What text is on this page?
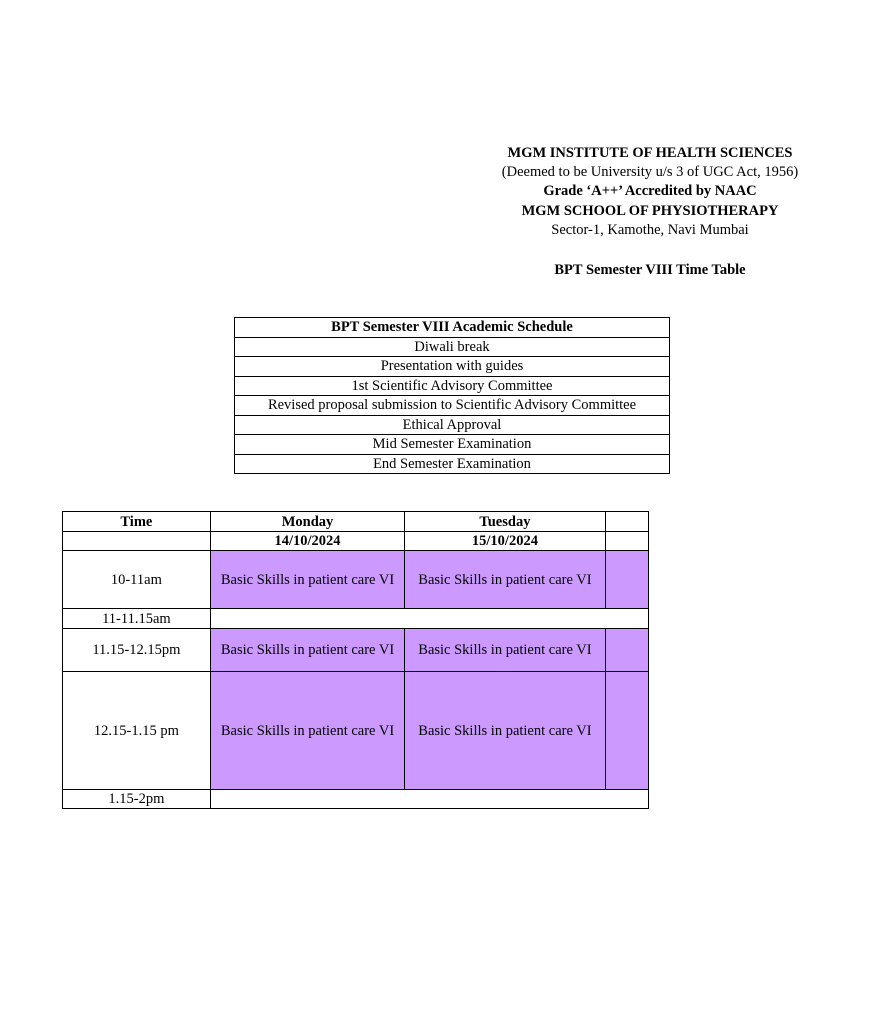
MGM INSTITUTE OF HEALTH SCIENCES
(Deemed to be University u/s 3 of UGC Act, 1956)
Grade ‘A++’ Accredited by NAAC
MGM SCHOOL OF PHYSIOTHERAPY
Sector-1, Kamothe, Navi Mumbai
BPT Semester VIII Time Table
BPT Semester VIII Academic Schedule
Diwali break
Presentation with guides
1st Scientific Advisory Committee
Revised proposal submission to Scientific Advisory Committee
Ethical Approval
Mid Semester Examination
End Semester Examination
Time	Monday	Tuesday	
	14/10/2024	15/10/2024	
10-11am	Basic Skills in patient care VI	Basic Skills in patient care VI	
11-11.15am			
11.15-12.15pm	Basic Skills in patient care VI	Basic Skills in patient care VI	
12.15-1.15 pm	Basic Skills in patient care VI	Basic Skills in patient care VI	
1.15-2pm			
